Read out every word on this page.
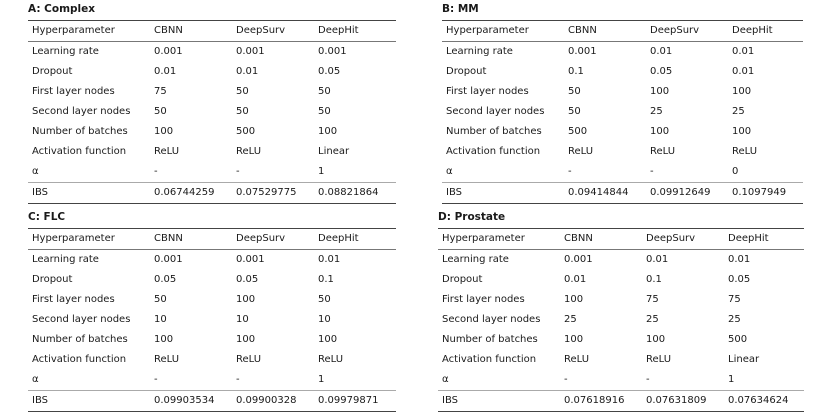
A: Complex
Hyperparameter	CBNN	DeepSurv	DeepHit
Learning rate	0.001	0.001	0.001
Dropout	0.01	0.01	0.05
First layer nodes	75	50	50
Second layer nodes	50	50	50
Number of batches	100	500	100
Activation function	ReLU	ReLU	Linear
α	-	-	1
IBS	0.06744259	0.07529775	0.08821864
B: MM
Hyperparameter	CBNN	DeepSurv	DeepHit
Learning rate	0.001	0.01	0.01
Dropout	0.1	0.05	0.01
First layer nodes	50	100	100
Second layer nodes	50	25	25
Number of batches	500	100	100
Activation function	ReLU	ReLU	ReLU
α	-	-	0
IBS	0.09414844	0.09912649	0.1097949
C: FLC
Hyperparameter	CBNN	DeepSurv	DeepHit
Learning rate	0.001	0.001	0.01
Dropout	0.05	0.05	0.1
First layer nodes	50	100	50
Second layer nodes	10	10	10
Number of batches	100	100	100
Activation function	ReLU	ReLU	ReLU
α	-	-	1
IBS	0.09903534	0.09900328	0.09979871
D: Prostate
Hyperparameter	CBNN	DeepSurv	DeepHit
Learning rate	0.001	0.01	0.01
Dropout	0.01	0.1	0.05
First layer nodes	100	75	75
Second layer nodes	25	25	25
Number of batches	100	100	500
Activation function	ReLU	ReLU	Linear
α	-	-	1
IBS	0.07618916	0.07631809	0.07634624
